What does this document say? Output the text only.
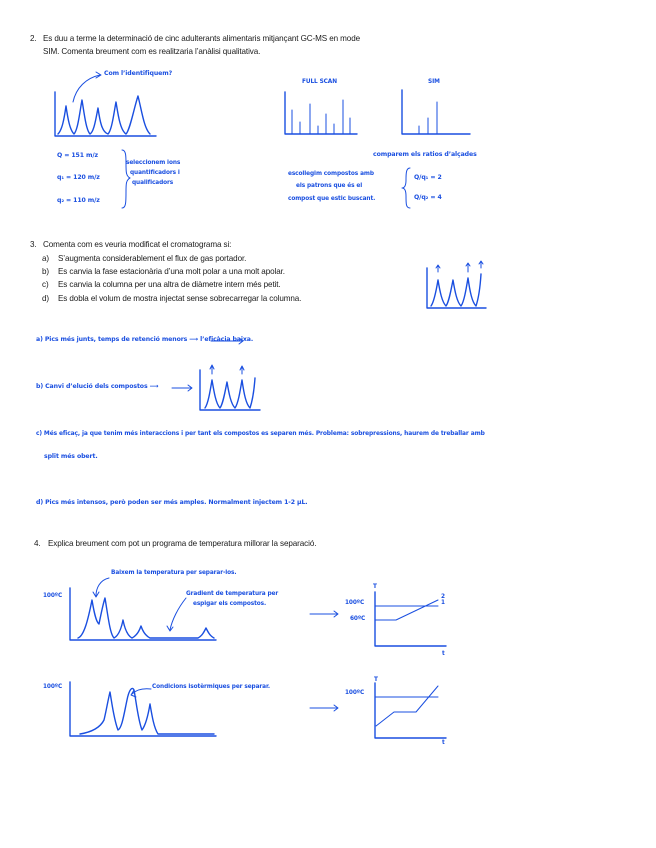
2. Es duu a terme la determinació de cinc adulterants alimentaris mitjançant GC-MS en mode
SIM. Comenta breument com es realitzaria l’anàlisi qualitativa.
Com l’identifiquem?
FULL SCAN	SIM
Q = 151 m/z
q₁ = 120 m/z
q₂ = 110 m/z
seleccionem ions
quantificadors i
qualificadors
comparem els ratios d’alçades
escollegim compostos amb
els patrons que és el
compost que estic buscant.
Q/q₁ = 2
Q/q₂ = 4
3. Comenta com es veuria modificat el cromatograma si:
a) S’augmenta considerablement el flux de gas portador.
b) Es canvia la fase estacionària d’una molt polar a una molt apolar.
c) Es canvia la columna per una altra de diàmetre intern més petit.
d) Es dobla el volum de mostra injectat sense sobrecarregar la columna.
a) Pics més junts, temps de retenció menors ⟶ l’eficàcia baixa.
b) Canvi d’elució dels compostos ⟶
c) Més eficaç, ja que tenim més interaccions i per tant els compostos es separen més. Problema: sobrepressions, haurem de treballar amb
split més obert.
d) Pics més intensos, però poden ser més amples. Normalment injectem 1-2 µL.
4. Explica breument com pot un programa de temperatura millorar la separació.
100ºC
Baixem la temperatura per separar-los.
Gradient de temperatura per
espigar els compostos.
T
100ºC
60ºC
2
1
t
100ºC	Condicions isotèrmiques per separar.
T
100ºC
t
